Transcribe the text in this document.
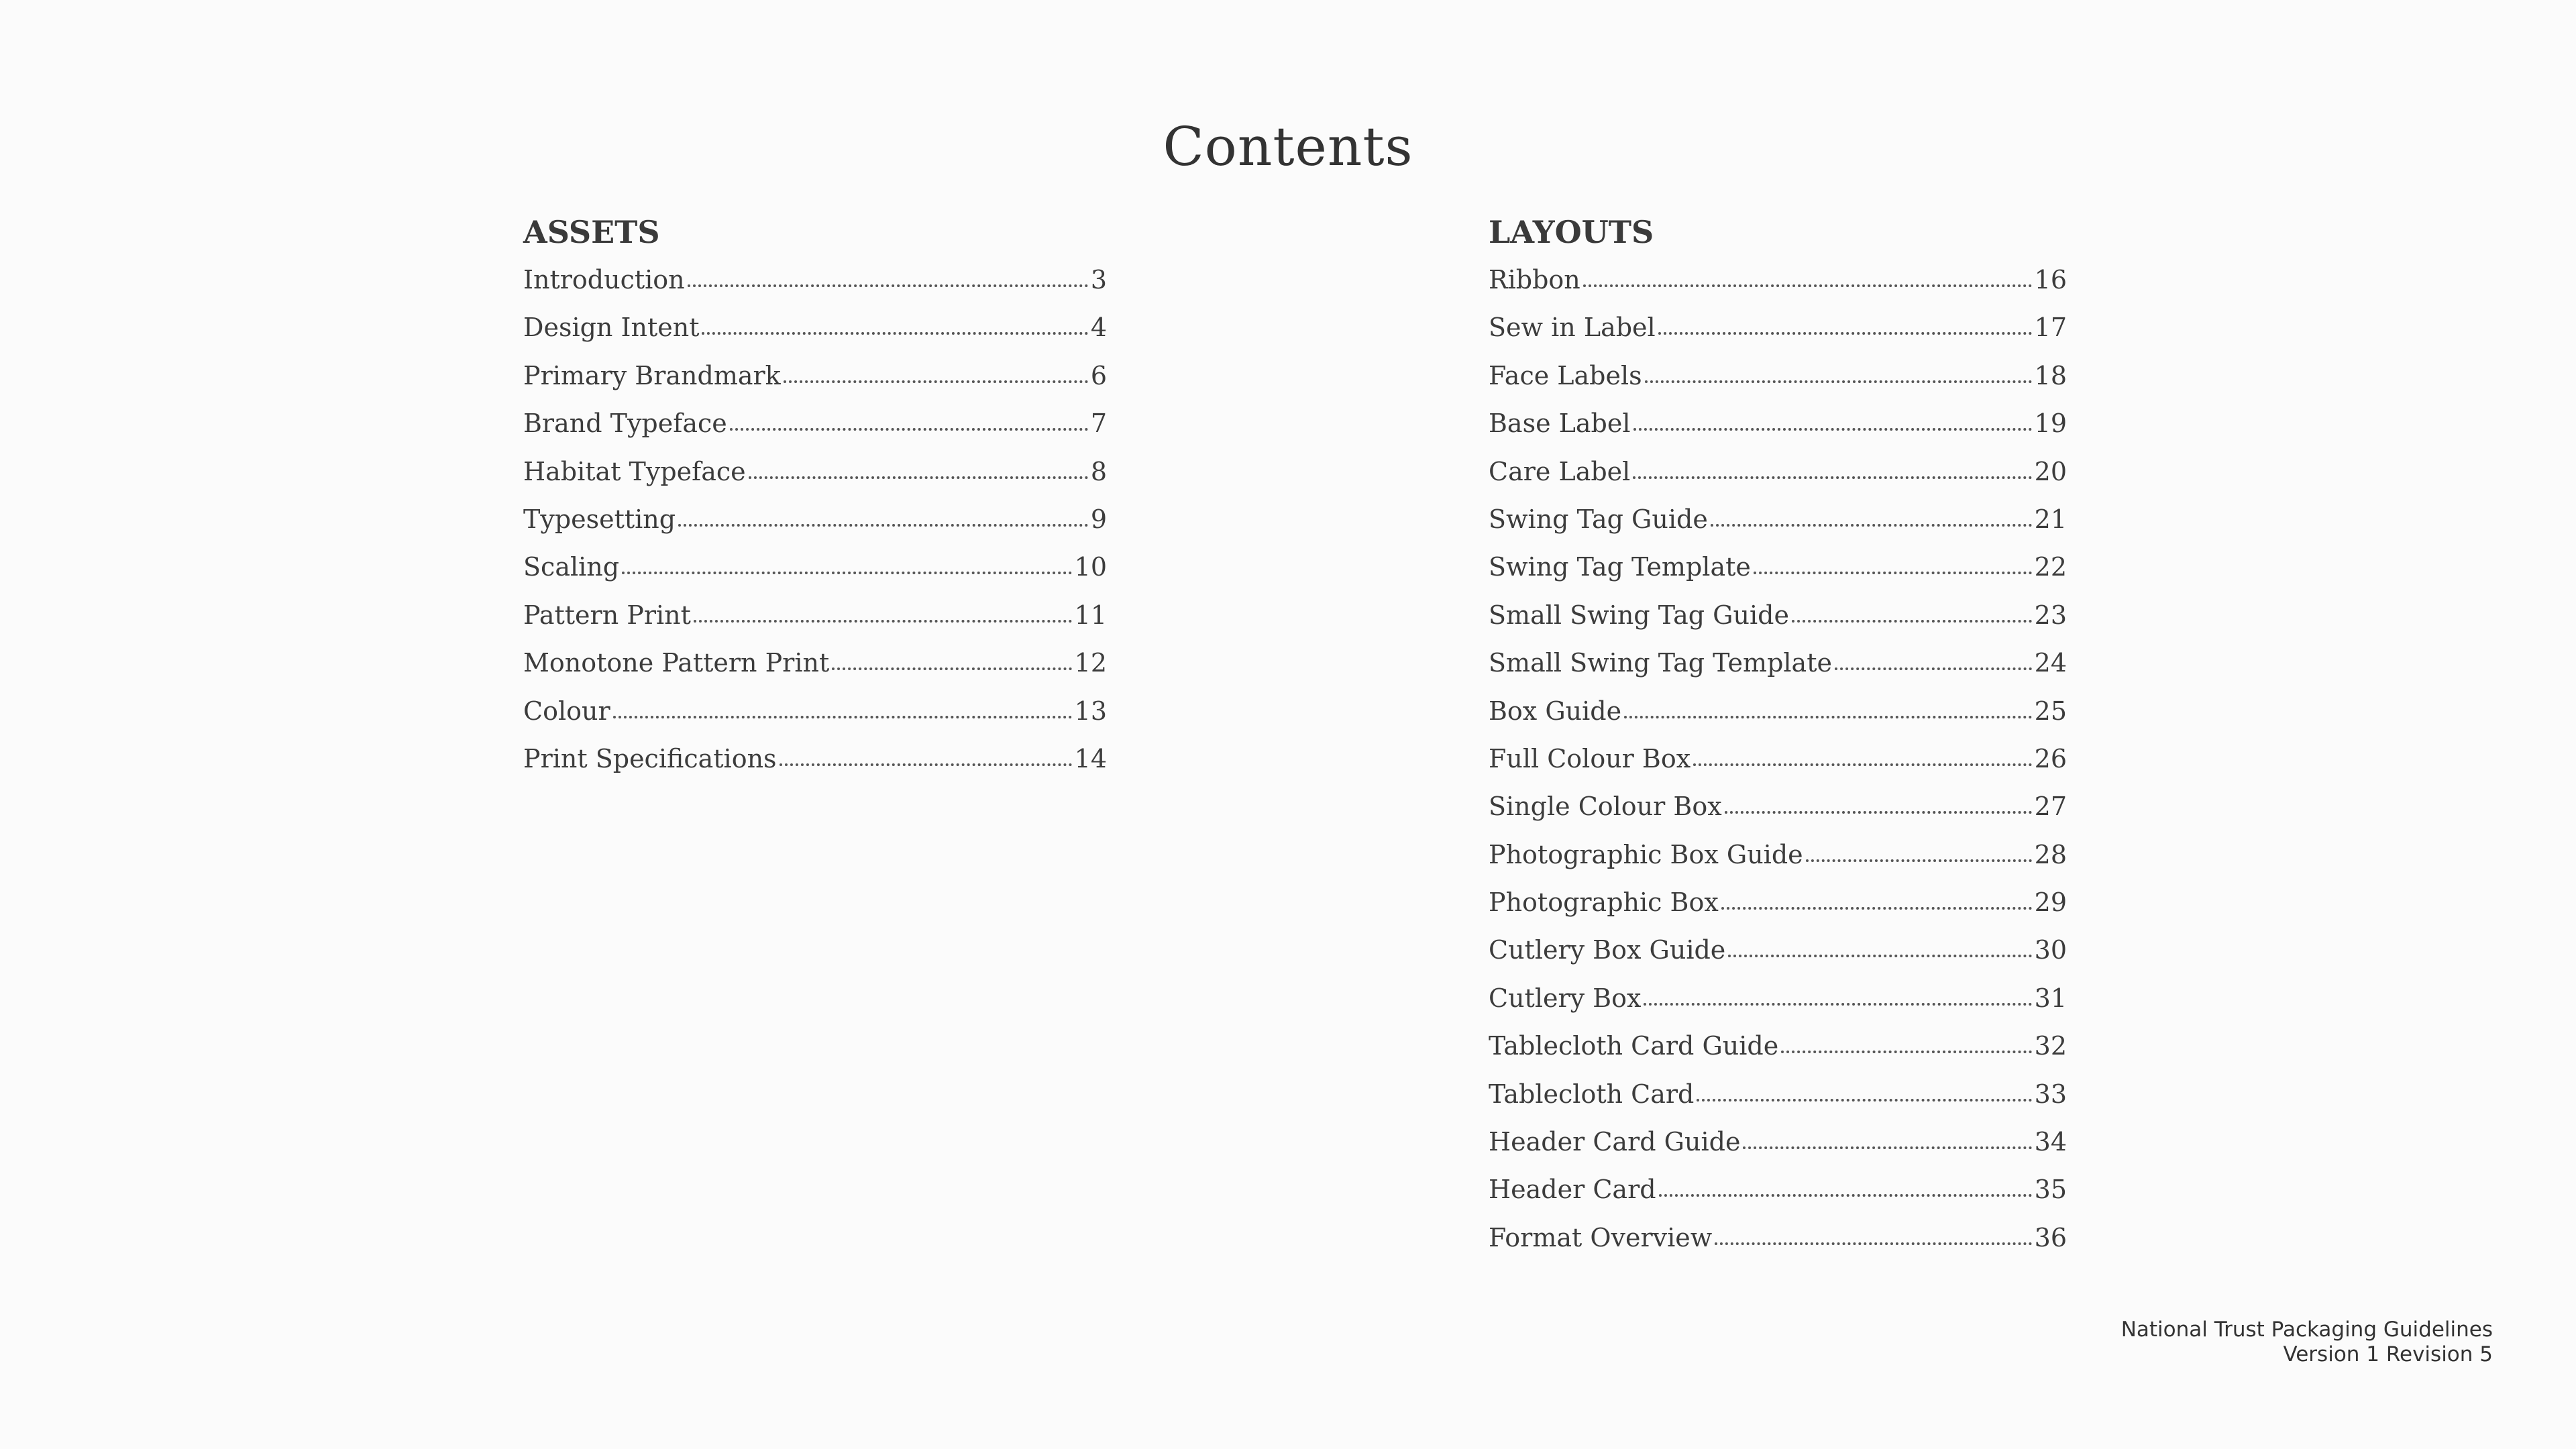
Contents
ASSETS
Introduction	3
Design Intent	4
Primary Brandmark	6
Brand Typeface	7
Habitat Typeface	8
Typesetting	9
Scaling	10
Pattern Print	11
Monotone Pattern Print	12
Colour	13
Print Specifications	14
LAYOUTS
Ribbon	16
Sew in Label	17
Face Labels	18
Base Label	19
Care Label	20
Swing Tag Guide	21
Swing Tag Template	22
Small Swing Tag Guide	23
Small Swing Tag Template	24
Box Guide	25
Full Colour Box	26
Single Colour Box	27
Photographic Box Guide	28
Photographic Box	29
Cutlery Box Guide	30
Cutlery Box	31
Tablecloth Card Guide	32
Tablecloth Card	33
Header Card Guide	34
Header Card	35
Format Overview	36
National Trust Packaging Guidelines
Version 1 Revision 5
